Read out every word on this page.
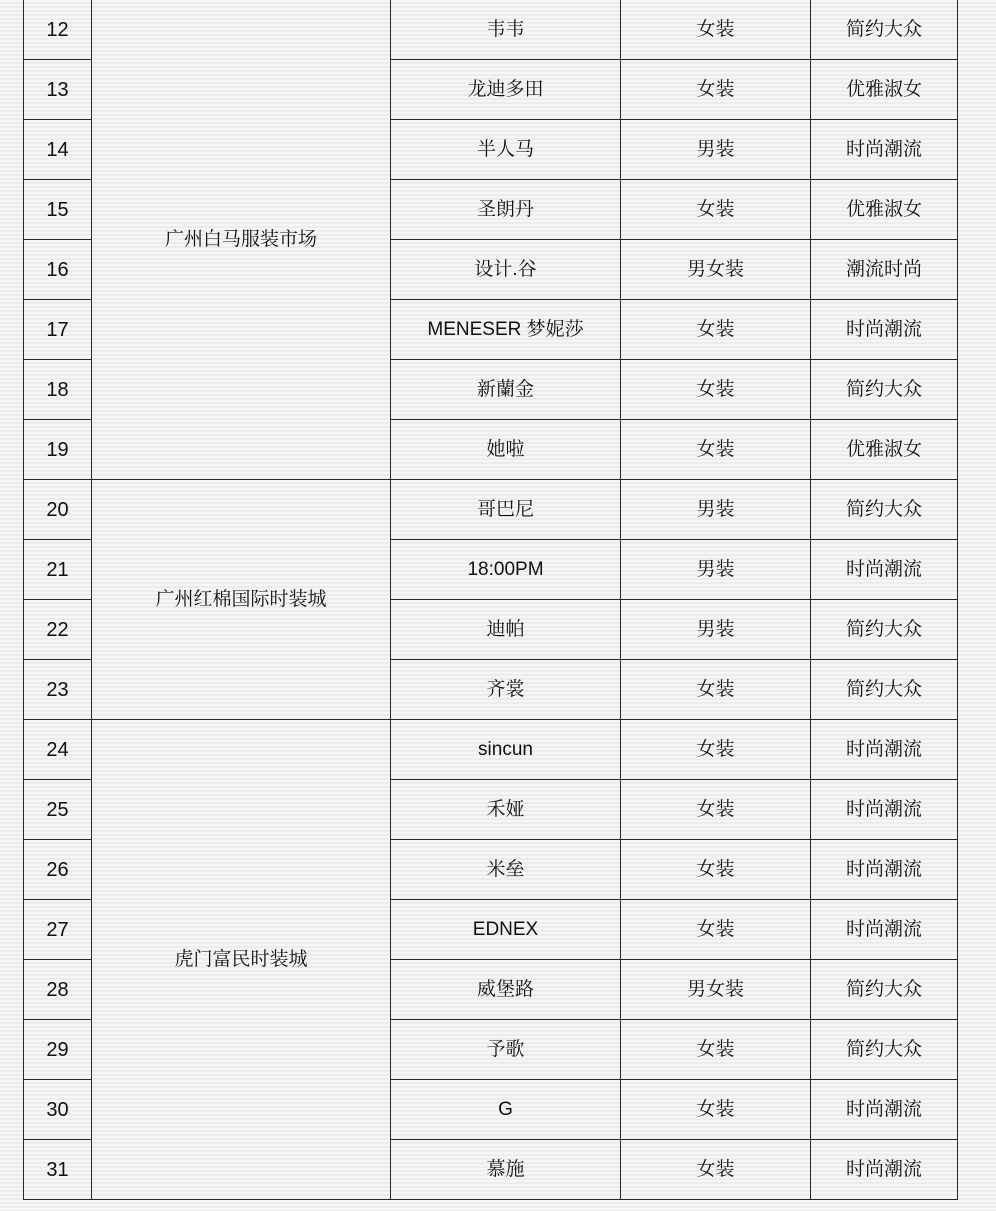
12	广州白马服装市场	韦韦	女装	简约大众
13		龙迪多田	女装	优雅淑女
14		半人马	男装	时尚潮流
15		圣朗丹	女装	优雅淑女
16		设计.谷	男女装	潮流时尚
17		MENESER 梦妮莎	女装	时尚潮流
18		新蘭金	女装	简约大众
19		她啦	女装	优雅淑女
20	广州红棉国际时装城	哥巴尼	男装	简约大众
21		18:00PM	男装	时尚潮流
22		迪帕	男装	简约大众
23		齐裳	女装	简约大众
24	虎门富民时装城	sincun	女装	时尚潮流
25		禾娅	女装	时尚潮流
26		米垒	女装	时尚潮流
27		EDNEX	女装	时尚潮流
28		威堡路	男女装	简约大众
29		予歌	女装	简约大众
30		G	女装	时尚潮流
31		慕施	女装	时尚潮流
